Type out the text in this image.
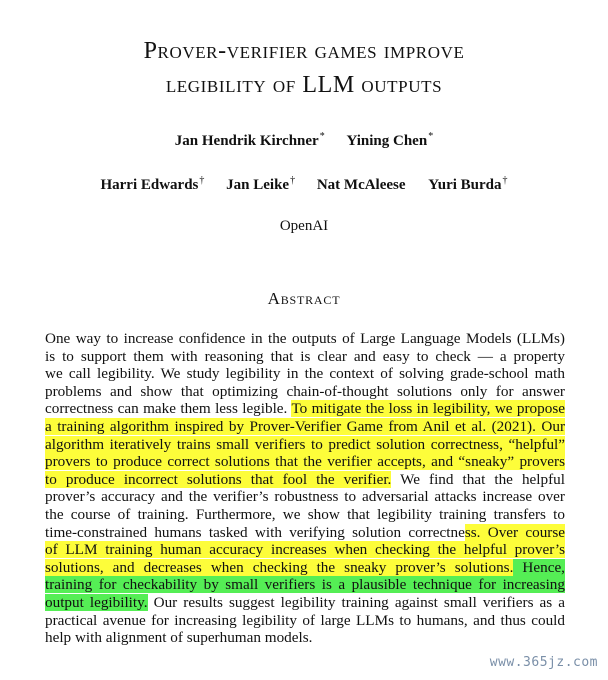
Prover-verifier games improve
legibility of LLM outputs
Jan Hendrik Kirchner* Yining Chen*
Harri Edwards† Jan Leike† Nat McAleese Yuri Burda†
OpenAI
Abstract
One way to increase confidence in the outputs of Large Language Models (LLMs)
is to support them with reasoning that is clear and easy to check — a property
we call legibility. We study legibility in the context of solving grade-school math
problems and show that optimizing chain-of-thought solutions only for answer
correctness can make them less legible. To mitigate the loss in legibility, we propose
a training algorithm inspired by Prover-Verifier Game from Anil et al. (2021). Our
algorithm iteratively trains small verifiers to predict solution correctness, “helpful”
provers to produce correct solutions that the verifier accepts, and “sneaky” provers
to produce incorrect solutions that fool the verifier. We find that the helpful
prover’s accuracy and the verifier’s robustness to adversarial attacks increase over
the course of training. Furthermore, we show that legibility training transfers to
time-constrained humans tasked with verifying solution correctness. Over course
of LLM training human accuracy increases when checking the helpful prover’s
solutions, and decreases when checking the sneaky prover’s solutions. Hence,
training for checkability by small verifiers is a plausible technique for increasing
output legibility. Our results suggest legibility training against small verifiers as a
practical avenue for increasing legibility of large LLMs to humans, and thus could
help with alignment of superhuman models.
www.365jz.com
